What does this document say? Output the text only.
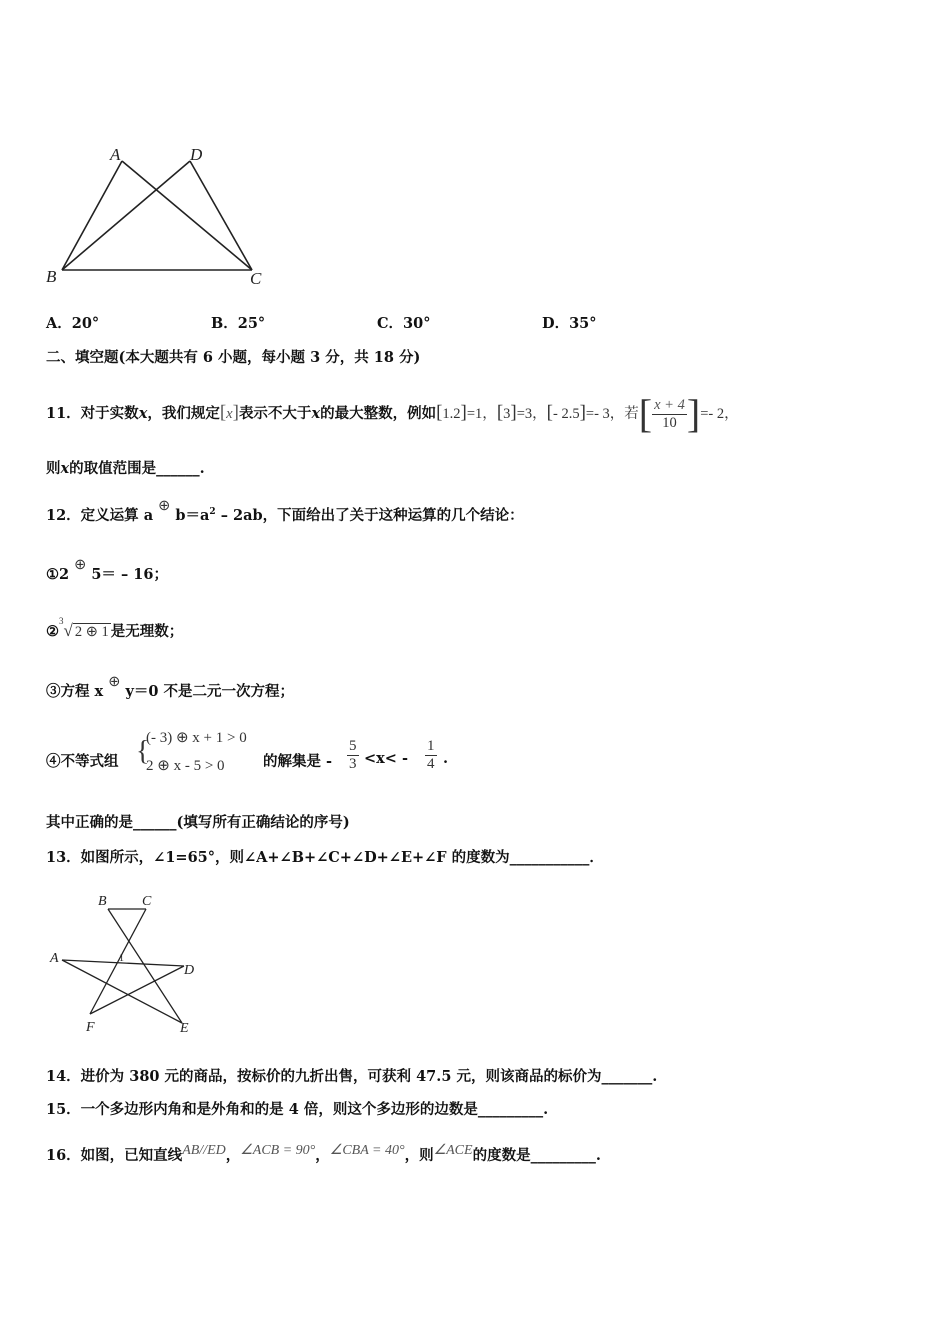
A	D
B	C
A．20°	B．25°	C．30°	D．35°
二、填空题(本大题共有 6 小题，每小题 3 分，共 18 分)
11．对于实数x，我们规定[x]表示不大于x的最大整数，例如[1.2]=1，[3]=3，[- 2.5]=- 3，若[ $\frac{x + 4}{10}$ ]=- 2，
则x的取值范围是______.
12．定义运算 a ⊕ $b=a^2 - 2ab$，下面给出了关于这种运算的几个结论：
①2 ⊕ 5＝ – 16；
②$^3$√ 2 ⊕ 1 是无理数；
③方程 x ⊕ y＝0 不是二元一次方程；
④不等式组 {
(- 3) ⊕ x + 1 > 0
2 ⊕ x - 5 > 0	的解集是 - $\frac{5}{3} <x< - \frac{1}{4}$ .
其中正确的是______(填写所有正确结论的序号)
13．如图所示，∠1=65°，则∠A+∠B+∠C+∠D+∠E+∠F 的度数为___________．
B	C
A
D
F	E
1
14．进价为 380 元的商品，按标价的九折出售，可获利 47.5 元，则该商品的标价为_______.
15．一个多边形内角和是外角和的是 4 倍，则这个多边形的边数是_________.
16．如图，已知直线AB//ED，∠ACB = 90°，∠CBA = 40°，则∠ACE的度数是_________.
